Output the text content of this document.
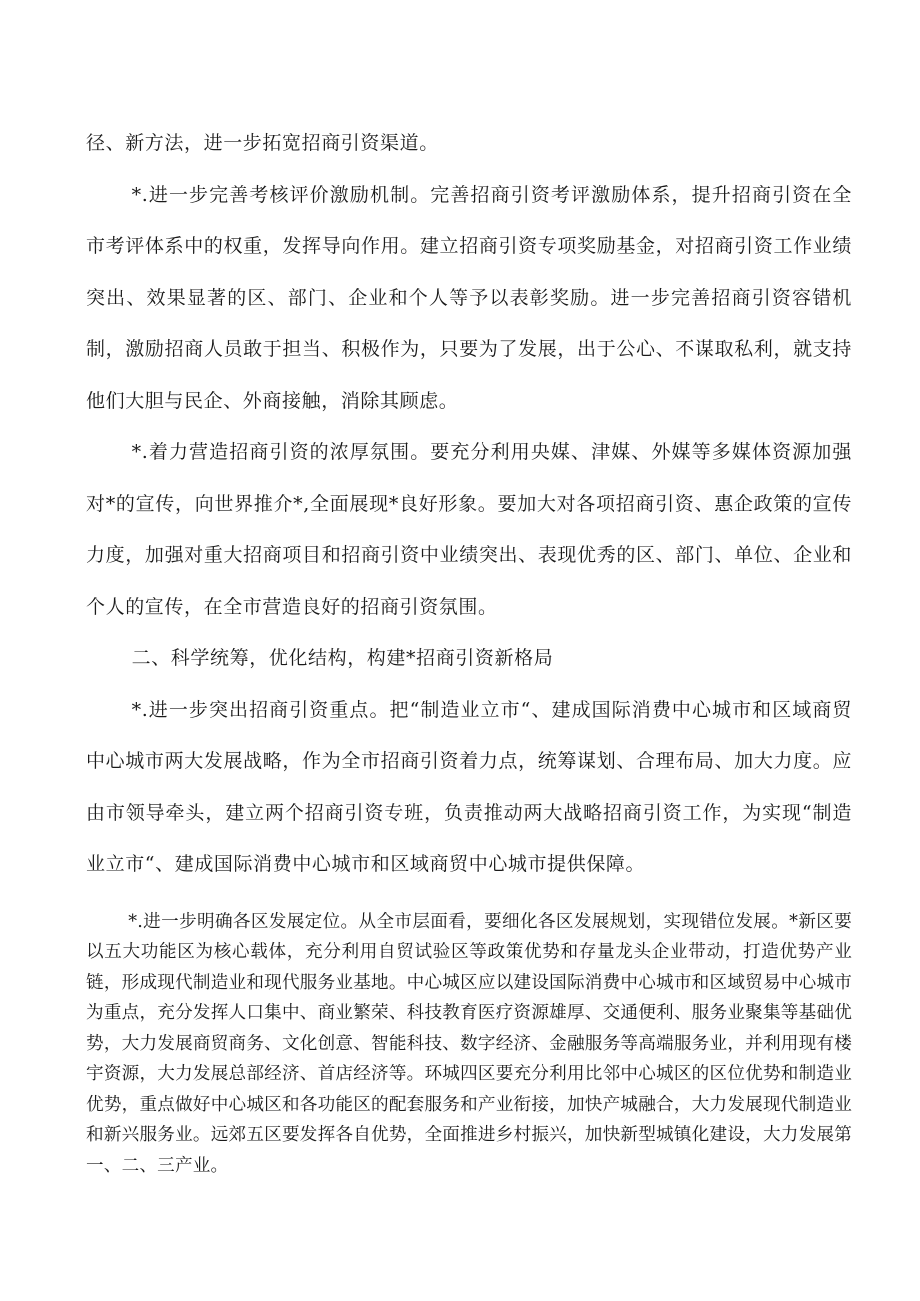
径、新方法，进一步拓宽招商引资渠道。

*.进一步完善考核评价激励机制。完善招商引资考评激励体系，提升招商引资在全市考评体系中的权重，发挥导向作用。建立招商引资专项奖励基金，对招商引资工作业绩突出、效果显著的区、部门、企业和个人等予以表彰奖励。进一步完善招商引资容错机制，激励招商人员敢于担当、积极作为，只要为了发展，出于公心、不谋取私利，就支持他们大胆与民企、外商接触，消除其顾虑。

*.着力营造招商引资的浓厚氛围。要充分利用央媒、津媒、外媒等多媒体资源加强对*的宣传，向世界推介*,全面展现*良好形象。要加大对各项招商引资、惠企政策的宣传力度，加强对重大招商项目和招商引资中业绩突出、表现优秀的区、部门、单位、企业和个人的宣传，在全市营造良好的招商引资氛围。

二、科学统筹，优化结构，构建*招商引资新格局

*.进一步突出招商引资重点。把“制造业立市“、建成国际消费中心城市和区域商贸中心城市两大发展战略，作为全市招商引资着力点，统筹谋划、合理布局、加大力度。应由市领导牵头，建立两个招商引资专班，负责推动两大战略招商引资工作，为实现“制造业立市“、建成国际消费中心城市和区域商贸中心城市提供保障。

*.进一步明确各区发展定位。从全市层面看，要细化各区发展规划，实现错位发展。*新区要以五大功能区为核心载体，充分利用自贸试验区等政策优势和存量龙头企业带动，打造优势产业链，形成现代制造业和现代服务业基地。中心城区应以建设国际消费中心城市和区域贸易中心城市为重点，充分发挥人口集中、商业繁荣、科技教育医疗资源雄厚、交通便利、服务业聚集等基础优势，大力发展商贸商务、文化创意、智能科技、数字经济、金融服务等高端服务业，并利用现有楼宇资源，大力发展总部经济、首店经济等。环城四区要充分利用比邻中心城区的区位优势和制造业优势，重点做好中心城区和各功能区的配套服务和产业衔接，加快产城融合，大力发展现代制造业和新兴服务业。远郊五区要发挥各自优势，全面推进乡村振兴，加快新型城镇化建设，大力发展第一、二、三产业。
